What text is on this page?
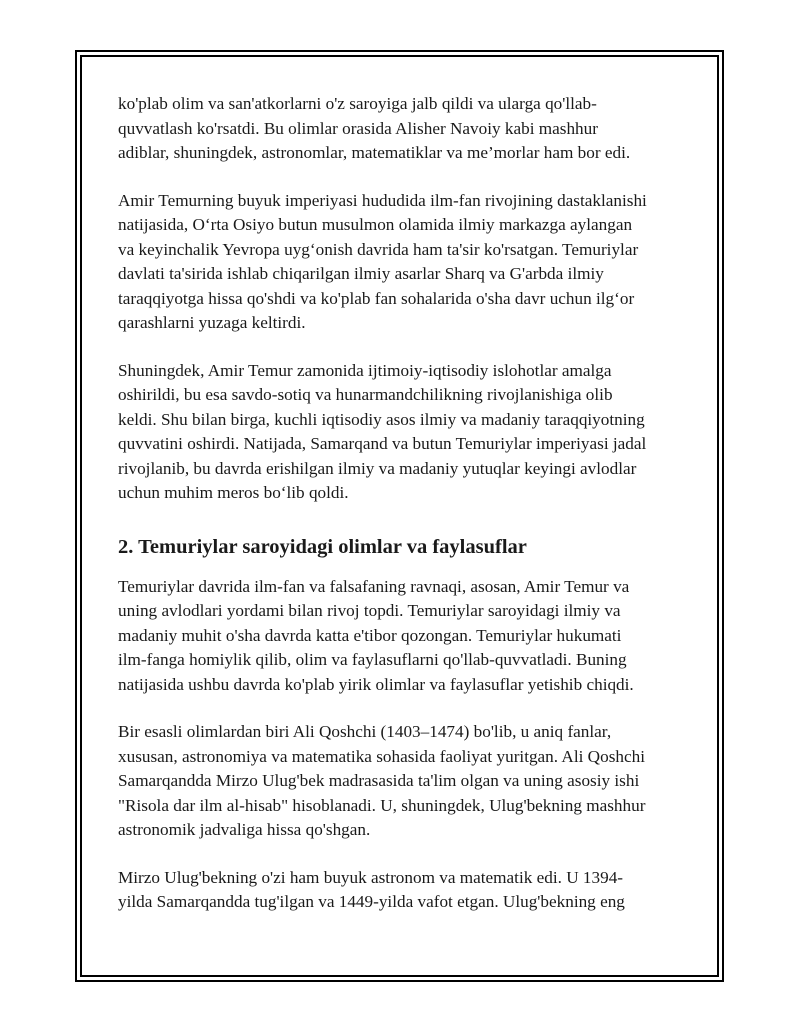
ko'plab olim va san'atkorlarni o'z saroyiga jalb qildi va ularga qo'llab-
quvvatlash ko'rsatdi. Bu olimlar orasida Alisher Navoiy kabi mashhur
adiblar, shuningdek, astronomlar, matematiklar va me’morlar ham bor edi.
Amir Temurning buyuk imperiyasi hududida ilm-fan rivojining dastaklanishi
natijasida, O‘rta Osiyo butun musulmon olamida ilmiy markazga aylangan
va keyinchalik Yevropa uyg‘onish davrida ham ta'sir ko'rsatgan. Temuriylar
davlati ta'sirida ishlab chiqarilgan ilmiy asarlar Sharq va G'arbda ilmiy
taraqqiyotga hissa qo'shdi va ko'plab fan sohalarida o'sha davr uchun ilg‘or
qarashlarni yuzaga keltirdi.
Shuningdek, Amir Temur zamonida ijtimoiy-iqtisodiy islohotlar amalga
oshirildi, bu esa savdo-sotiq va hunarmandchilikning rivojlanishiga olib
keldi. Shu bilan birga, kuchli iqtisodiy asos ilmiy va madaniy taraqqiyotning
quvvatini oshirdi. Natijada, Samarqand va butun Temuriylar imperiyasi jadal
rivojlanib, bu davrda erishilgan ilmiy va madaniy yutuqlar keyingi avlodlar
uchun muhim meros bo‘lib qoldi.
2. Temuriylar saroyidagi olimlar va faylasuflar
Temuriylar davrida ilm-fan va falsafaning ravnaqi, asosan, Amir Temur va
uning avlodlari yordami bilan rivoj topdi. Temuriylar saroyidagi ilmiy va
madaniy muhit o'sha davrda katta e'tibor qozongan. Temuriylar hukumati
ilm-fanga homiylik qilib, olim va faylasuflarni qo'llab-quvvatladi. Buning
natijasida ushbu davrda ko'plab yirik olimlar va faylasuflar yetishib chiqdi.
Bir esasli olimlardan biri Ali Qoshchi (1403–1474) bo'lib, u aniq fanlar,
xususan, astronomiya va matematika sohasida faoliyat yuritgan. Ali Qoshchi
Samarqandda Mirzo Ulug'bek madrasasida ta'lim olgan va uning asosiy ishi
"Risola dar ilm al-hisab" hisoblanadi. U, shuningdek, Ulug'bekning mashhur
astronomik jadvaliga hissa qo'shgan.
Mirzo Ulug'bekning o'zi ham buyuk astronom va matematik edi. U 1394-
yilda Samarqandda tug'ilgan va 1449-yilda vafot etgan. Ulug'bekning eng
